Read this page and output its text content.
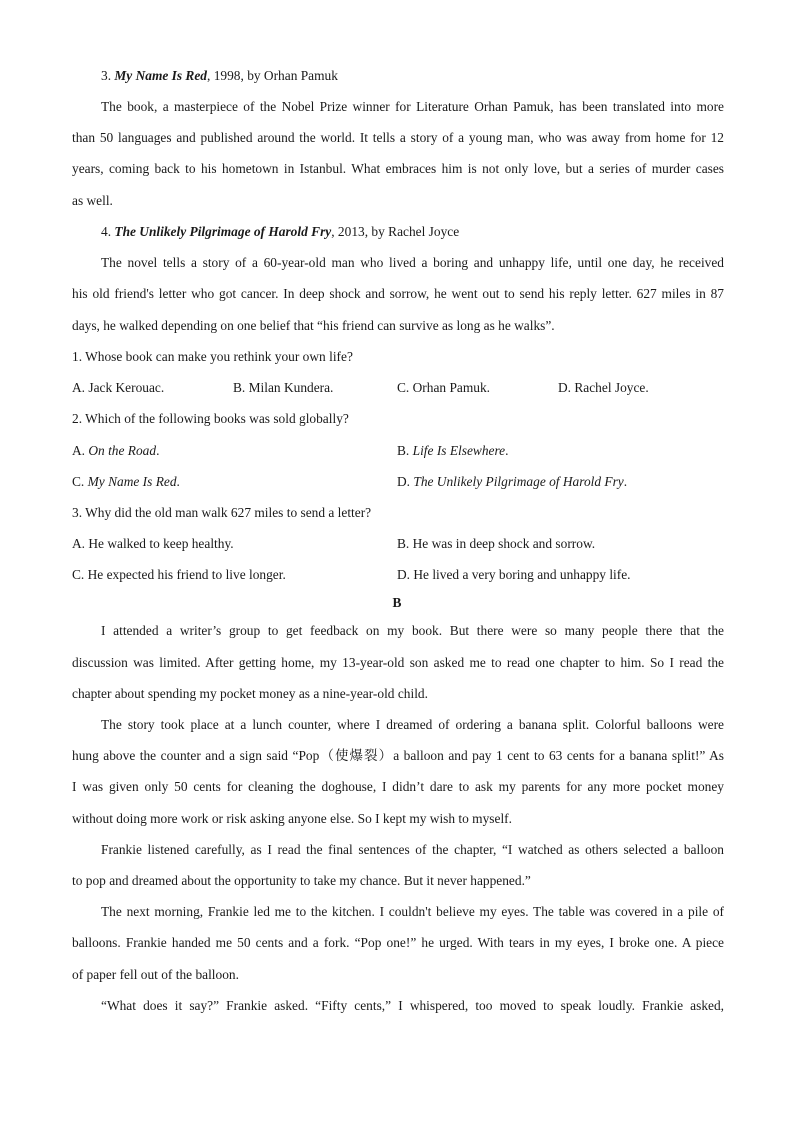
3. My Name Is Red, 1998, by Orhan Pamuk
The book, a masterpiece of the Nobel Prize winner for Literature Orhan Pamuk, has been translated into more
than 50 languages and published around the world. It tells a story of a young man, who was away from home for 12
years, coming back to his hometown in Istanbul. What embraces him is not only love, but a series of murder cases
as well.
4. The Unlikely Pilgrimage of Harold Fry, 2013, by Rachel Joyce
The novel tells a story of a 60-year-old man who lived a boring and unhappy life, until one day, he received
his old friend's letter who got cancer. In deep shock and sorrow, he went out to send his reply letter. 627 miles in 87
days, he walked depending on one belief that “his friend can survive as long as he walks”.
1. Whose book can make you rethink your own life?
A. Jack Kerouac.	B. Milan Kundera.	C. Orhan Pamuk.	D. Rachel Joyce.
2. Which of the following books was sold globally?
A. On the Road.	B. Life Is Elsewhere.
C. My Name Is Red.	D. The Unlikely Pilgrimage of Harold Fry.
3. Why did the old man walk 627 miles to send a letter?
A. He walked to keep healthy.	B. He was in deep shock and sorrow.
C. He expected his friend to live longer.	D. He lived a very boring and unhappy life.
B
I attended a writer’s group to get feedback on my book. But there were so many people there that the
discussion was limited. After getting home, my 13-year-old son asked me to read one chapter to him. So I read the
chapter about spending my pocket money as a nine-year-old child.
The story took place at a lunch counter, where I dreamed of ordering a banana split. Colorful balloons were
hung above the counter and a sign said “Pop（使爆裂）a balloon and pay 1 cent to 63 cents for a banana split!” As
I was given only 50 cents for cleaning the doghouse, I didn’t dare to ask my parents for any more pocket money
without doing more work or risk asking anyone else. So I kept my wish to myself.
Frankie listened carefully, as I read the final sentences of the chapter, “I watched as others selected a balloon
to pop and dreamed about the opportunity to take my chance. But it never happened.”
The next morning, Frankie led me to the kitchen. I couldn't believe my eyes. The table was covered in a pile of
balloons. Frankie handed me 50 cents and a fork. “Pop one!” he urged. With tears in my eyes, I broke one. A piece
of paper fell out of the balloon.
“What does it say?” Frankie asked. “Fifty cents,” I whispered, too moved to speak loudly. Frankie asked,
